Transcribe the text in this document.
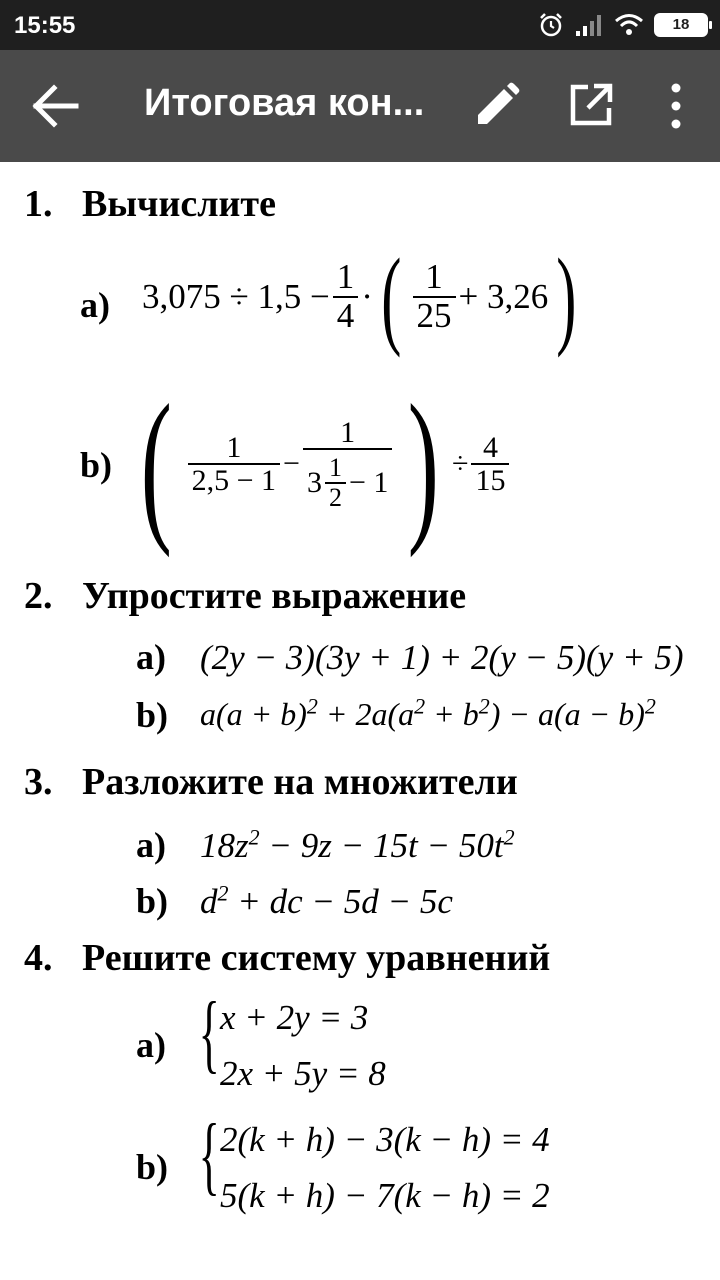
15:55	18
Итоговая кон...
1. Вычислите
a) $3,075 \div 1,5 - \frac{1}{4}$ · ( $\frac{1}{25} + 3,26$ )
b) ( $\frac{1}{2,5 - 1} - \frac{1}{3 \frac{1}{2} - 1}$ ) ÷ $\frac{4}{15}$
2. Упростите выражение
a) (2y − 3)(3y + 1) + 2(y − 5)(y + 5)
b) $a(a + b)^2 + 2a(a^2 + b^2) - a(a - b)^2$
3. Разложите на множители
a) $18z^2 - 9z - 15t - 50t^2$
b) $d^2$ + dc − 5d − 5c
4. Решите систему уравнений
a) { x + 2y = 3
2x + 5y = 8
b) { 2(k + h) − 3(k − h) = 4
5(k + h) − 7(k − h) = 2
